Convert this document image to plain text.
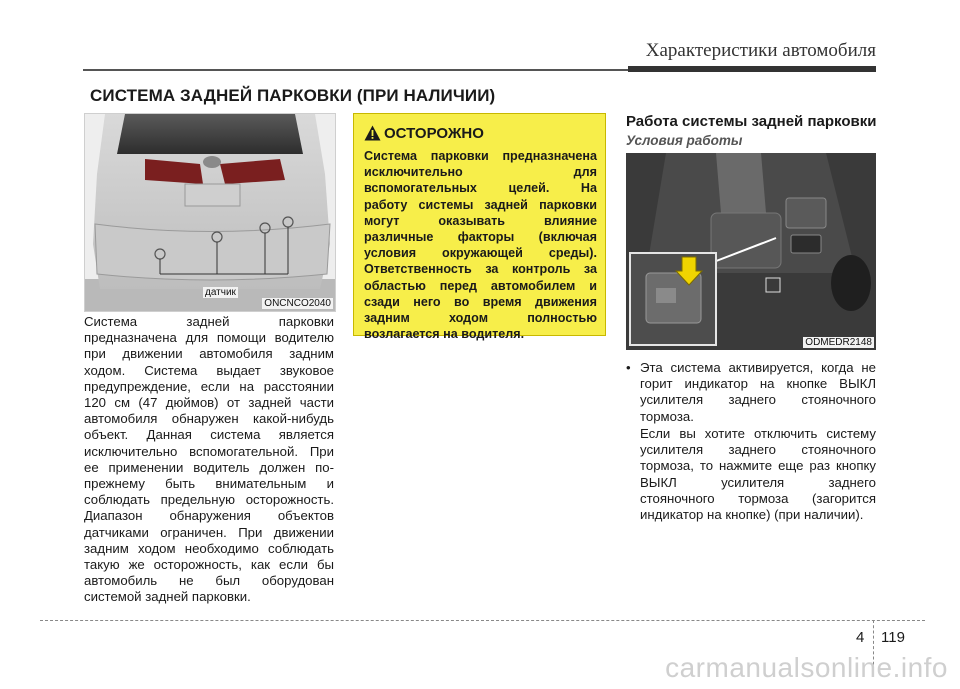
Характеристики автомобиля
СИСТЕМА ЗАДНЕЙ ПАРКОВКИ (ПРИ НАЛИЧИИ)
датчик
ONCNCO2040
Система задней парковки
предназначена для помощи водителю
при движении автомобиля задним
ходом. Система выдает звуковое
предупреждение, если на расстоянии
120 см (47 дюймов) от задней части
автомобиля обнаружен какой-нибудь
объект. Данная система является
исключительно вспомогательной. При
ее применении водитель должен по-
прежнему быть внимательным и
соблюдать предельную осторожность.
Диапазон обнаружения объектов
датчиками ограничен. При движении
задним ходом необходимо соблюдать
такую же осторожность, как если бы
автомобиль не был оборудован
системой задней парковки.
ОСТОРОЖНО
Система парковки предназначена
исключительно для
вспомогательных целей. На
работу системы задней парковки
могут оказывать влияние
различные факторы (включая
условия окружающей среды).
Ответственность за контроль за
областью перед автомобилем и
сзади него во время движения
задним ходом полностью
возлагается на водителя.
Работа системы задней парковки
Условия работы
ODMEDR2148
• Эта система активируется, когда не
горит индикатор на кнопке ВЫКЛ
усилителя заднего стояночного
тормоза.
Если вы хотите отключить систему
усилителя заднего стояночного
тормоза, то нажмите еще раз кнопку
ВЫКЛ усилителя заднего
стояночного тормоза (загорится
индикатор на кнопке) (при наличии).
4 119
carmanualsonline.info
